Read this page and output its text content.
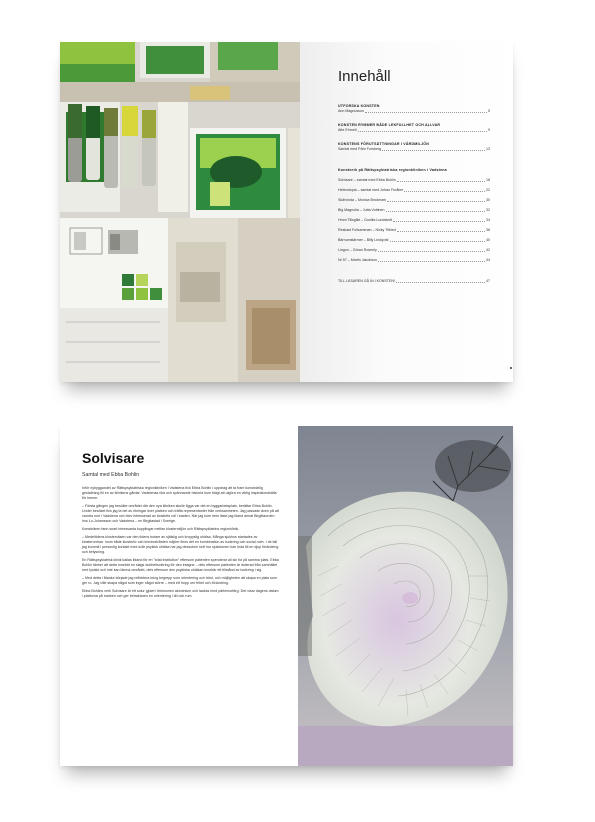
Innehåll
UTFORSKA KONSTEN
Ann Magnusson	5
KONSTEN RYMMER BÅDE LEKFULLHET OCH ALLVAR
Atte Ehrnell	9
KONSTENS FÖRUTSÄTTNINGAR I VÅRDMILJÖN
Samtal med Pähr Forsberg	13
Konstverk på Rättspsykiatriska regionkliniken i Vadstena
Solvisare – samtal med Ebba Bohlin	18
Heterotopia – samtal med Johan Furåker	22
Skärvinda – Monica Brodmark	30
Big Magnolia – Jutta Vottinen	32
Hmm Tillsglikt – Gunilla Lundstedt	34
Reskast Follsamman – Nicky Tilbled	36
Bärnumstärmer – Billy Lindqvist	40
Lingon – Göran Rosenly	42
Nr 57 – Martin Jacobson	44
TILL LÄSAREN GÅ IN I KONSTEN!	47
Solvisare
Samtal med Ebba Bohlin

Inför nybyggandet av Rättspsykiatriska regionkliniken i Vadstena fick Ebba Bohlin i uppdrag att ta fram konstnärlig gestaltning till en av klinikens gårdar. Vadstenas rika och spännande historia kom tidigt att utgöra en viktig inspirationskälla för henne.

– Första gången jag besökte området där den nya kliniken skulle ligga var det en byggarbetsplats, berättar Ebba Bohlin. Under besöket fick jag ta del av ritningar över platsen och träffa representanter från verksamheten. Jag passade även på att vandra runt i Vadstena och blev intresserad av klostrets roll i staden. När jag kom hem läste jag bland annat Birgittaorden hos Lo-Johansson och Vadstena – en Birgitastad i Sverige.

Konstnären fann snart intressanta kopplingar mellan klostermiljön och Rättspsykiatrins regionklinik.

– Medeltidens klosterväsen var den tidens botare av själslig och kroppslig ohälsa. Många sjukhus startades av klosterordnar. Inom både klosterliv och kriminalvården miljöer finns det en kombination av isolering och social rutin. I de fall jag kommit i personlig kontakt med svår psykisk ohälsa har jag dessutom sett hur sjukdomen kan leda till en djup förändring och belysning.

En Rättspsykiatrisk klinik kallas ibland för en "total institution" eftersom patienten spenderar all sin tid på samma plats. Ebba Bohlin tänker att detta innebär en slags dubbelisolering för den intagne – dels eftersom patienten är isolerad från samhället rent fysiskt och inte kan lämna området, dels eftersom den psykiska ohälsan innebär ett tillstånd av isolering i sig.

– Med detta i åtanke började jag reflektera kring begrepp som orientering och tröst, och möjligheten att skapa en plats som ger ro. Jag ville skapa något som inger något större – med ett hopp om frihet och förändring.

Ebba Bohlins verk Solvisare är ett solur gjutet i bleknonen aluminium och lackas med pärlemorfärg. Det visar dagens datum i plattorna på marken och ger betraktaren en orientering i tid och rum.
